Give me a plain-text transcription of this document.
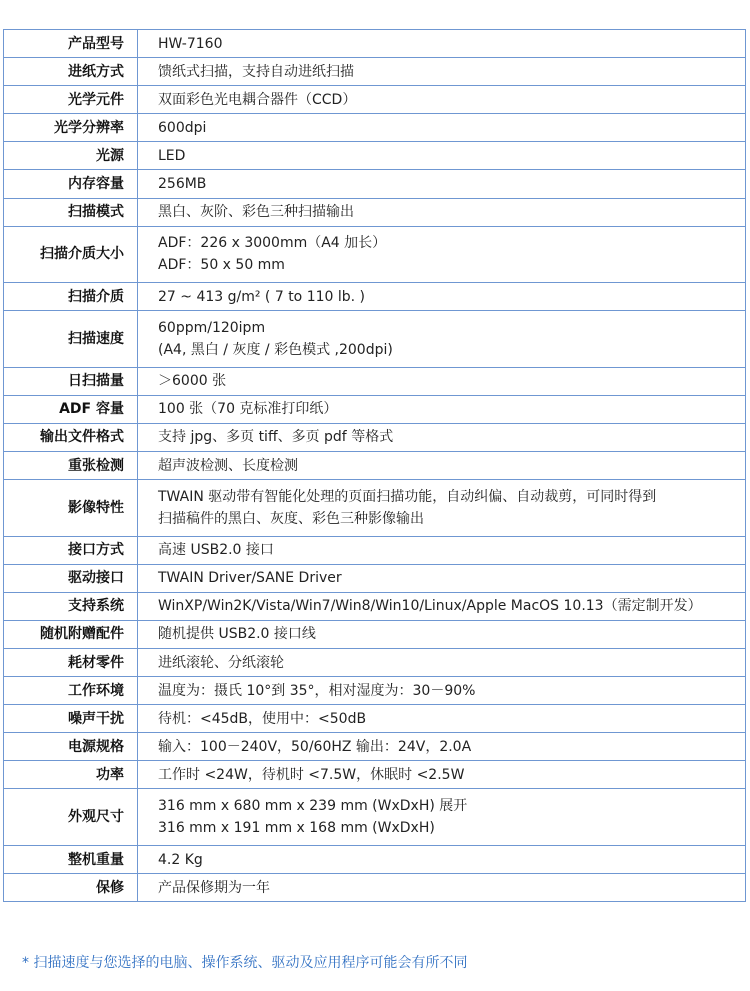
产品型号	HW-7160

进纸方式	馈纸式扫描，支持自动进纸扫描

光学元件	双面彩色光电耦合器件（CCD）

光学分辨率	600dpi

光源	LED

内存容量	256MB

扫描模式	黑白、灰阶、彩色三种扫描输出

扫描介质大小	ADF：226 x 3000mm（A4 加长）
ADF：50 x 50 mm

扫描介质	27 ~ 413 g/m² ( 7 to 110 lb. )

扫描速度	60ppm/120ipm
(A4, 黑白 / 灰度 / 彩色模式 ,200dpi)

日扫描量	＞6000 张

ADF 容量	100 张（70 克标准打印纸）

输出文件格式	支持 jpg、多页 tiff、多页 pdf 等格式

重张检测	超声波检测、长度检测

影像特性	TWAIN 驱动带有智能化处理的页面扫描功能，自动纠偏、自动裁剪，可同时得到
扫描稿件的黑白、灰度、彩色三种影像输出

接口方式	高速 USB2.0 接口

驱动接口	TWAIN Driver/SANE Driver

支持系统	WinXP/Win2K/Vista/Win7/Win8/Win10/Linux/Apple MacOS 10.13（需定制开发）

随机附赠配件	随机提供 USB2.0 接口线

耗材零件	进纸滚轮、分纸滚轮

工作环境	温度为：摄氏 10°到 35°，相对湿度为：30－90%

噪声干扰	待机：<45dB，使用中：<50dB

电源规格	输入：100－240V，50/60HZ 输出：24V，2.0A

功率	工作时 <24W，待机时 <7.5W，休眠时 <2.5W

外观尺寸	316 mm x 680 mm x 239 mm (WxDxH) 展开
316 mm x 191 mm x 168 mm (WxDxH)

整机重量	4.2 Kg

保修	产品保修期为一年
* 扫描速度与您选择的电脑、操作系统、驱动及应用程序可能会有所不同
